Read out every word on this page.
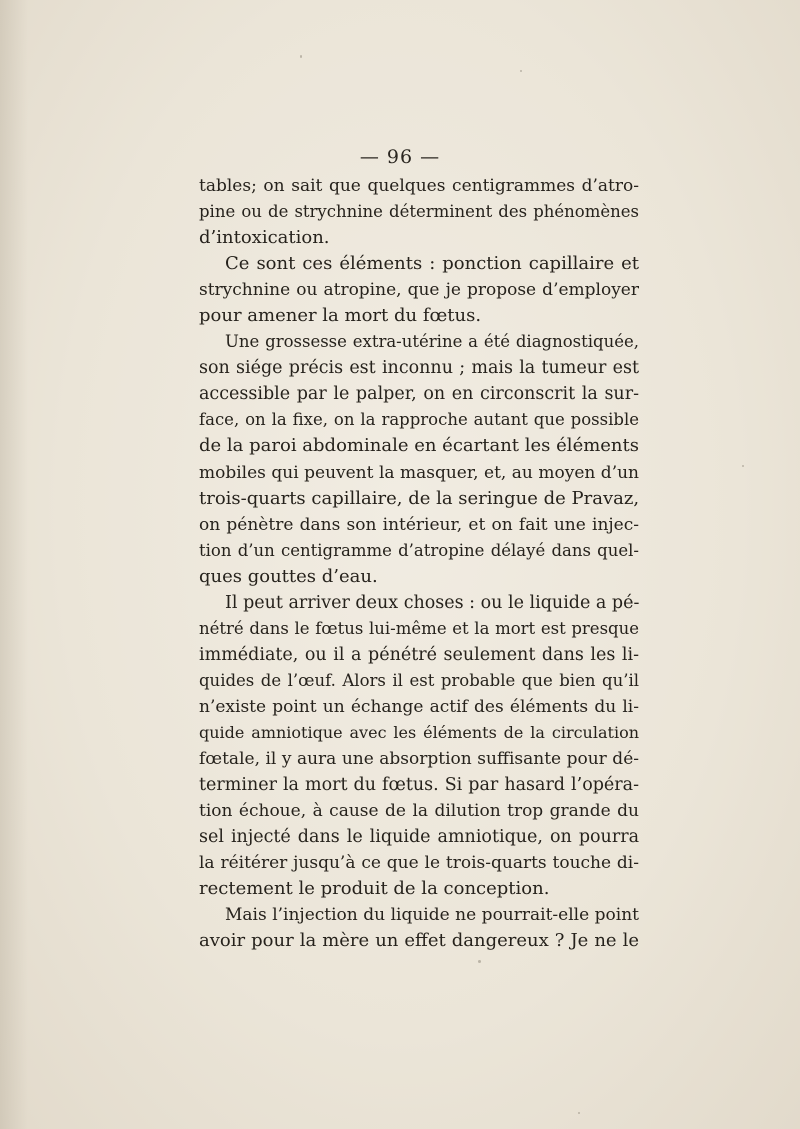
— 96 —

tables; on sait que quelques centigrammes d’atro-
pine ou de strychnine déterminent des phénomènes
d’intoxication.

Ce sont ces éléments : ponction capillaire et
strychnine ou atropine, que je propose d’employer
pour amener la mort du fœtus.

Une grossesse extra-utérine a été diagnostiquée,
son siége précis est inconnu ; mais la tumeur est
accessible par le palper, on en circonscrit la sur-
face, on la fixe, on la rapproche autant que possible
de la paroi abdominale en écartant les éléments
mobiles qui peuvent la masquer, et, au moyen d’un
trois-quarts capillaire, de la seringue de Pravaz,
on pénètre dans son intérieur, et on fait une injec-
tion d’un centigramme d’atropine délayé dans quel-
ques gouttes d’eau.

Il peut arriver deux choses : ou le liquide a pé-
nétré dans le fœtus lui-même et la mort est presque
immédiate, ou il a pénétré seulement dans les li-
quides de l’œuf. Alors il est probable que bien qu’il
n’existe point un échange actif des éléments du li-
quide amniotique avec les éléments de la circulation
fœtale, il y aura une absorption suffisante pour dé-
terminer la mort du fœtus. Si par hasard l’opéra-
tion échoue, à cause de la dilution trop grande du
sel injecté dans le liquide amniotique, on pourra
la réitérer jusqu’à ce que le trois-quarts touche di-
rectement le produit de la conception.

Mais l’injection du liquide ne pourrait-elle point
avoir pour la mère un effet dangereux ? Je ne le
